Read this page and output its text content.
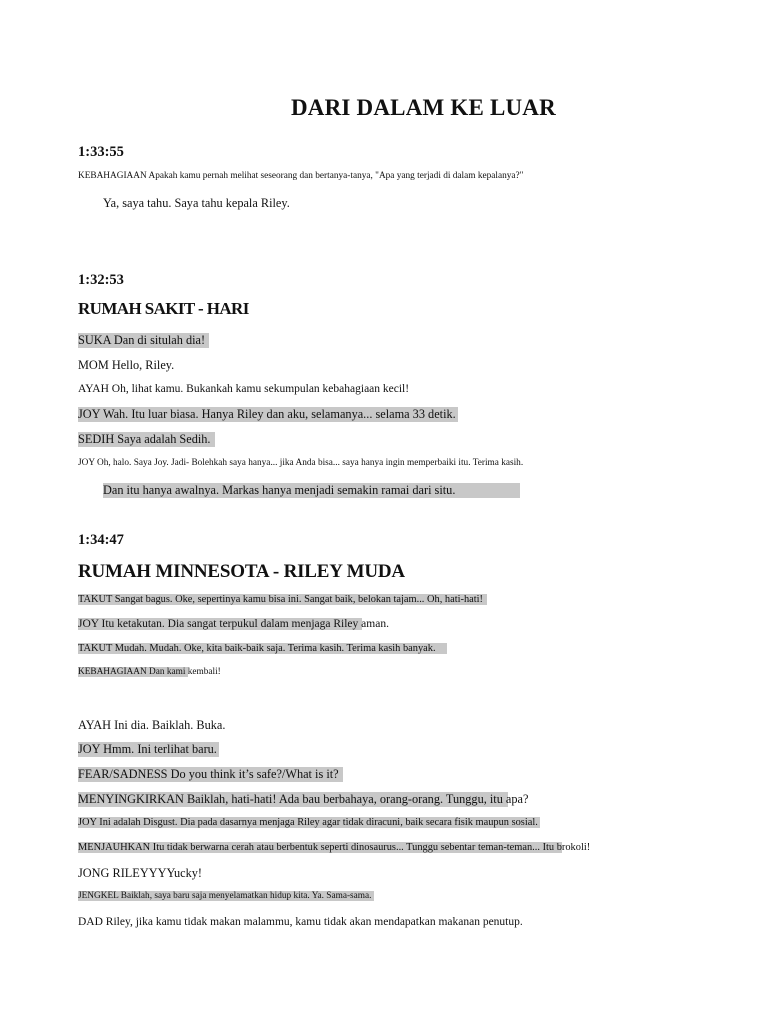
DARI DALAM KE LUAR
1:33:55
KEBAHAGIAAN Apakah kamu pernah melihat seseorang dan bertanya-tanya, "Apa yang terjadi di dalam kepalanya?"
Ya, saya tahu. Saya tahu kepala Riley.
1:32:53
RUMAH SAKIT - HARI
SUKA Dan di situlah dia!
MOM Hello, Riley.
AYAH Oh, lihat kamu. Bukankah kamu sekumpulan kebahagiaan kecil!
JOY Wah. Itu luar biasa. Hanya Riley dan aku, selamanya... selama 33 detik.
SEDIH Saya adalah Sedih.
JOY Oh, halo. Saya Joy. Jadi- Bolehkah saya hanya... jika Anda bisa... saya hanya ingin memperbaiki itu. Terima kasih.
Dan itu hanya awalnya. Markas hanya menjadi semakin ramai dari situ.
1:34:47
RUMAH MINNESOTA - RILEY MUDA
TAKUT Sangat bagus. Oke, sepertinya kamu bisa ini. Sangat baik, belokan tajam... Oh, hati-hati!
JOY Itu ketakutan. Dia sangat terpukul dalam menjaga Riley aman.
TAKUT Mudah. Mudah. Oke, kita baik-baik saja. Terima kasih. Terima kasih banyak.
KEBAHAGIAAN Dan kami kembali!
AYAH Ini dia. Baiklah. Buka.
JOY Hmm. Ini terlihat baru.
FEAR/SADNESS Do you think it’s safe?/What is it?
MENYINGKIRKAN Baiklah, hati-hati! Ada bau berbahaya, orang-orang. Tunggu, itu apa?
JOY Ini adalah Disgust. Dia pada dasarnya menjaga Riley agar tidak diracuni, baik secara fisik maupun sosial.
MENJAUHKAN Itu tidak berwarna cerah atau berbentuk seperti dinosaurus... Tunggu sebentar teman-teman... Itu brokoli!
JONG RILEYYYYucky!
JENGKEL Baiklah, saya baru saja menyelamatkan hidup kita. Ya. Sama-sama.
DAD Riley, jika kamu tidak makan malammu, kamu tidak akan mendapatkan makanan penutup.
